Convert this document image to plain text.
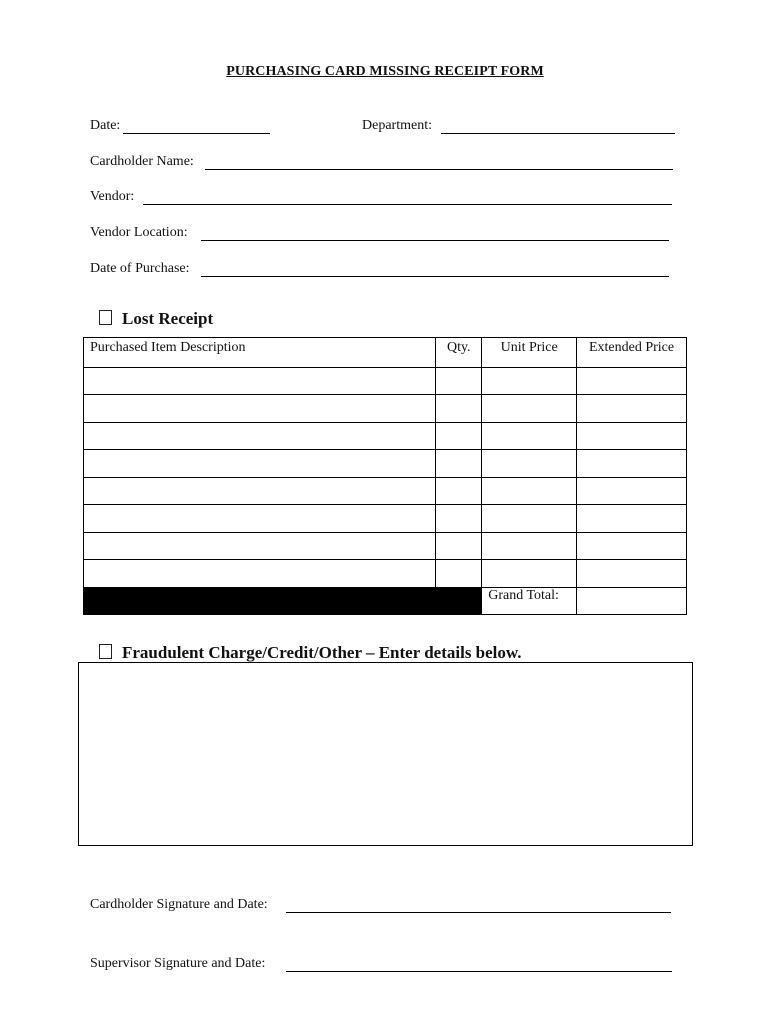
PURCHASING CARD MISSING RECEIPT FORM
Date:	Department:
Cardholder Name:
Vendor:
Vendor Location:
Date of Purchase:
Lost Receipt
Purchased Item Description	Qty.	Unit Price	Extended Price

		Grand Total:	
Fraudulent Charge/Credit/Other – Enter details below.
Cardholder Signature and Date:
Supervisor Signature and Date:
